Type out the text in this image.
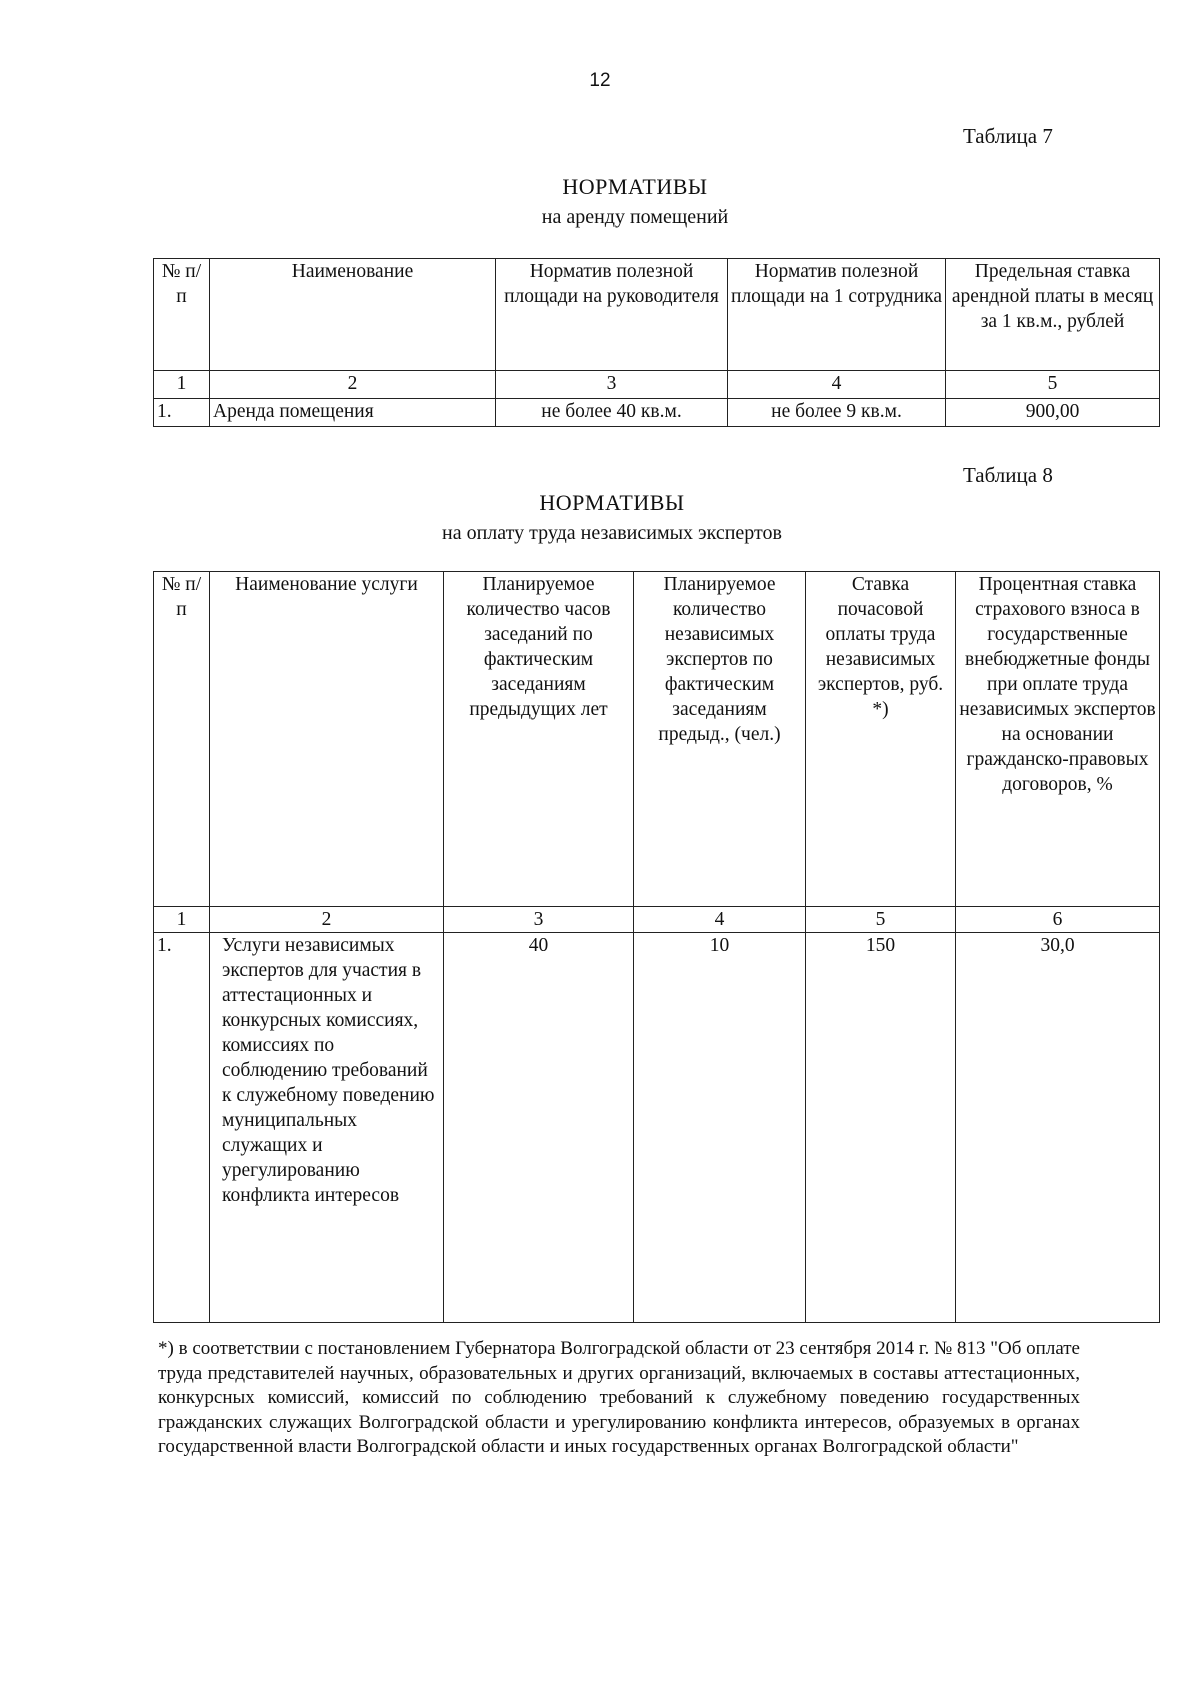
12
Таблица 7
НОРМАТИВЫ
на аренду помещений
№ п/п	Наименование	Норматив полезной площади на руководителя	Норматив полезной площади на 1 сотрудника	Предельная ставка арендной платы в месяц за 1 кв.м., рублей
1	2	3	4	5
1.	Аренда помещения	не более 40 кв.м.	не более 9 кв.м.	900,00
Таблица 8
НОРМАТИВЫ
на оплату труда независимых экспертов
№ п/п	Наименование услуги	Планируемое количество часов заседаний по фактическим заседаниям предыдущих лет	Планируемое количество независимых экспертов по фактическим заседаниям предыд., (чел.)	Ставка почасовой оплаты труда независимых экспертов, руб. *)	Процентная ставка страхового взноса в государственные внебюджетные фонды при оплате труда независимых экспертов на основании гражданско-правовых договоров, %
1	2	3	4	5	6
1.	Услуги независимых экспертов для участия в аттестационных и конкурсных комиссиях, комиссиях по соблюдению требований к служебному поведению муниципальных служащих и урегулированию конфликта интересов	40	10	150	30,0
*) в соответствии с постановлением Губернатора Волгоградской области от 23 сентября 2014 г. № 813 "Об оплате труда представителей научных, образовательных и других организаций, включаемых в составы аттестационных, конкурсных комиссий, комиссий по соблюдению требований к служебному поведению государственных гражданских служащих Волгоградской области и урегулированию конфликта интересов, образуемых в органах государственной власти Волгоградской области и иных государственных органах Волгоградской области"
